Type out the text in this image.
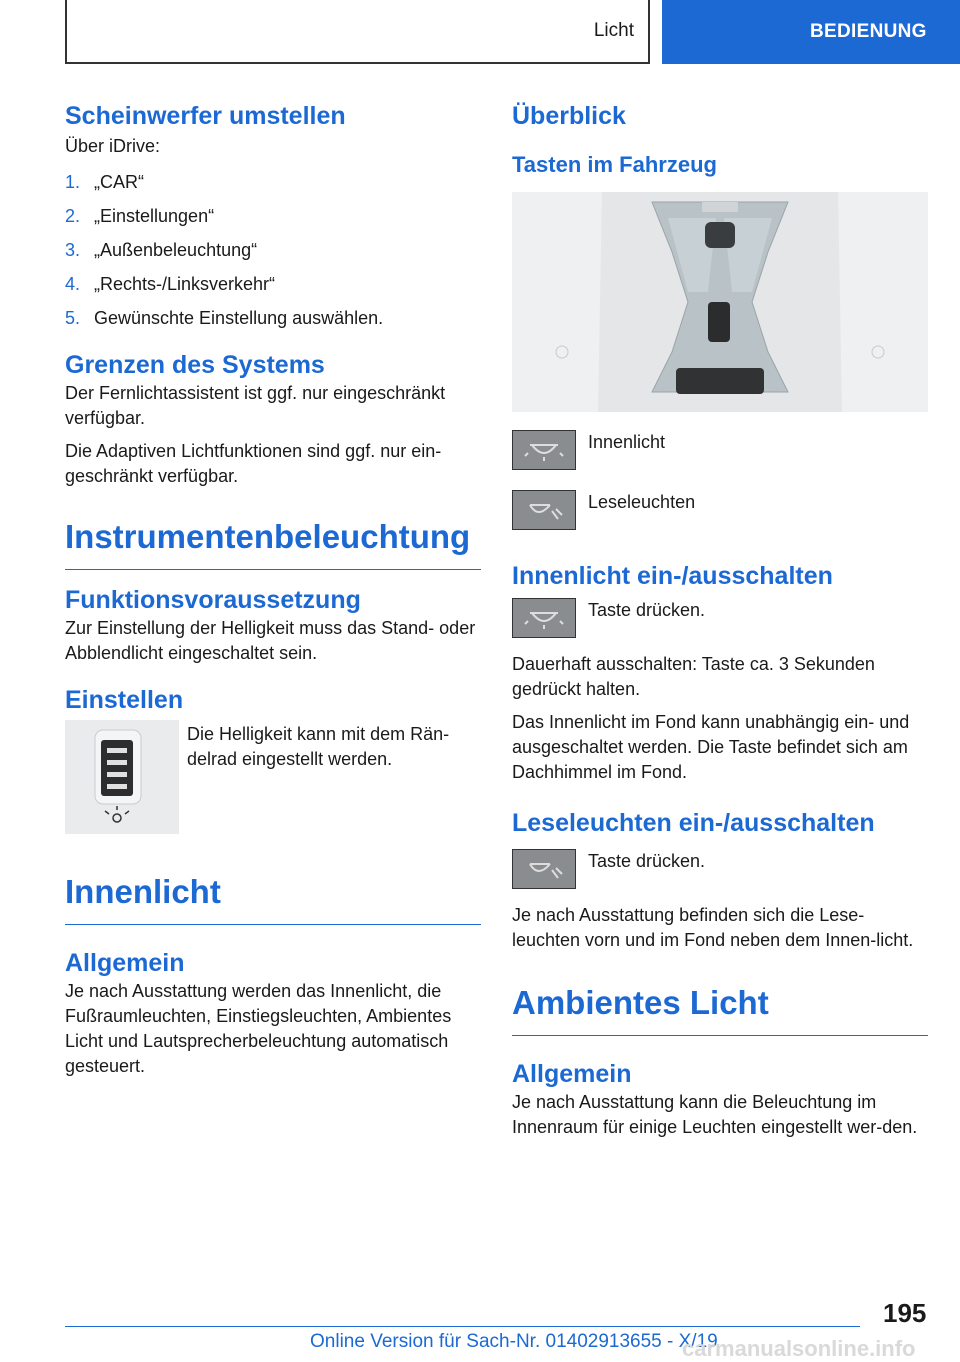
Licht	BEDIENUNG
Scheinwerfer umstellen

Über iDrive:

1. „CAR“
2. „Einstellungen“
3. „Außenbeleuchtung“
4. „Rechts-/Linksverkehr“
5. Gewünschte Einstellung auswählen.
Grenzen des Systems

Der Fernlichtassistent ist ggf. nur eingeschränkt verfügbar.

Die Adaptiven Lichtfunktionen sind ggf. nur ein-geschränkt verfügbar.

Instrumentenbeleuchtung
Funktionsvoraussetzung

Zur Einstellung der Helligkeit muss das Stand- oder Abblendlicht eingeschaltet sein.

Einstellen

Die Helligkeit kann mit dem Rän-delrad eingestellt werden.

Innenlicht
Allgemein

Je nach Ausstattung werden das Innenlicht, die Fußraumleuchten, Einstiegsleuchten, Ambientes Licht und Lautsprecherbeleuchtung automatisch gesteuert.

Überblick
Tasten im Fahrzeug

Innenlicht

Leseleuchten

Innenlicht ein-/ausschalten

Taste drücken.

Dauerhaft ausschalten: Taste ca. 3 Sekunden gedrückt halten.

Das Innenlicht im Fond kann unabhängig ein- und ausgeschaltet werden. Die Taste befindet sich am Dachhimmel im Fond.

Leseleuchten ein-/ausschalten

Taste drücken.

Je nach Ausstattung befinden sich die Lese-leuchten vorn und im Fond neben dem Innen-licht.

Ambientes Licht
Allgemein

Je nach Ausstattung kann die Beleuchtung im Innenraum für einige Leuchten eingestellt wer-den.

195
Online Version für Sach-Nr. 01402913655 - X/19
carmanualsonline.info
